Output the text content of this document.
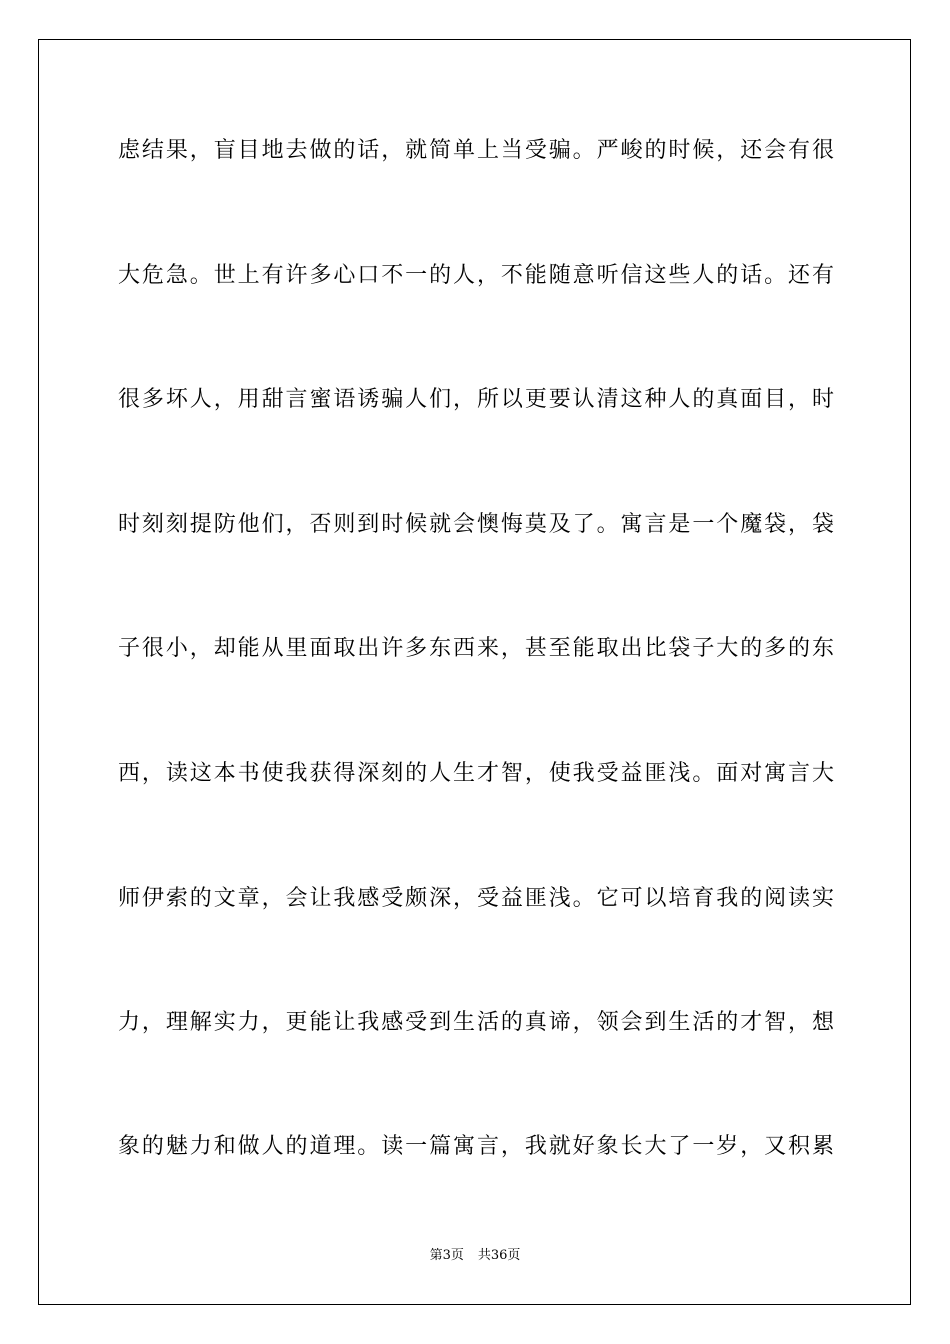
虑结果，盲目地去做的话，就简单上当受骗。严峻的时候，还会有很
大危急。世上有许多心口不一的人，不能随意听信这些人的话。还有
很多坏人，用甜言蜜语诱骗人们，所以更要认清这种人的真面目，时
时刻刻提防他们，否则到时候就会懊悔莫及了。寓言是一个魔袋，袋
子很小，却能从里面取出许多东西来，甚至能取出比袋子大的多的东
西，读这本书使我获得深刻的人生才智，使我受益匪浅。面对寓言大
师伊索的文章，会让我感受颇深，受益匪浅。它可以培育我的阅读实
力，理解实力，更能让我感受到生活的真谛，领会到生活的才智，想
象的魅力和做人的道理。读一篇寓言，我就好象长大了一岁，又积累
第3页 共36页
